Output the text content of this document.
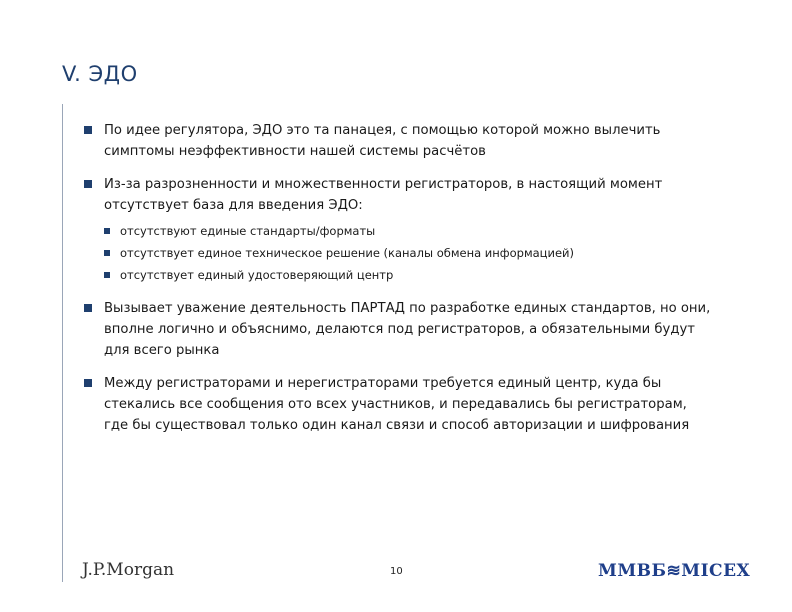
V. ЭДО
По идее регулятора, ЭДО это та панацея, с помощью которой можно вылечить
симптомы неэффективности нашей системы расчётов
Из-за разрозненности и множественности регистраторов, в настоящий момент
отсутствует база для введения ЭДО:
отсутствуют единые стандарты/форматы
отсутствует единое техническое решение (каналы обмена информацией)
отсутствует единый удостоверяющий центр
Вызывает уважение деятельность ПАРТАД по разработке единых стандартов, но они,
вполне логично и объяснимо, делаются под регистраторов, а обязательными будут
для всего рынка
Между регистраторами и нерегистраторами требуется единый центр, куда бы
стекались все сообщения ото всех участников, и передавались бы регистраторам,
где бы существовал только один канал связи и способ авторизации и шифрования
J.P.Morgan	10	ММВБ≋MICEX
